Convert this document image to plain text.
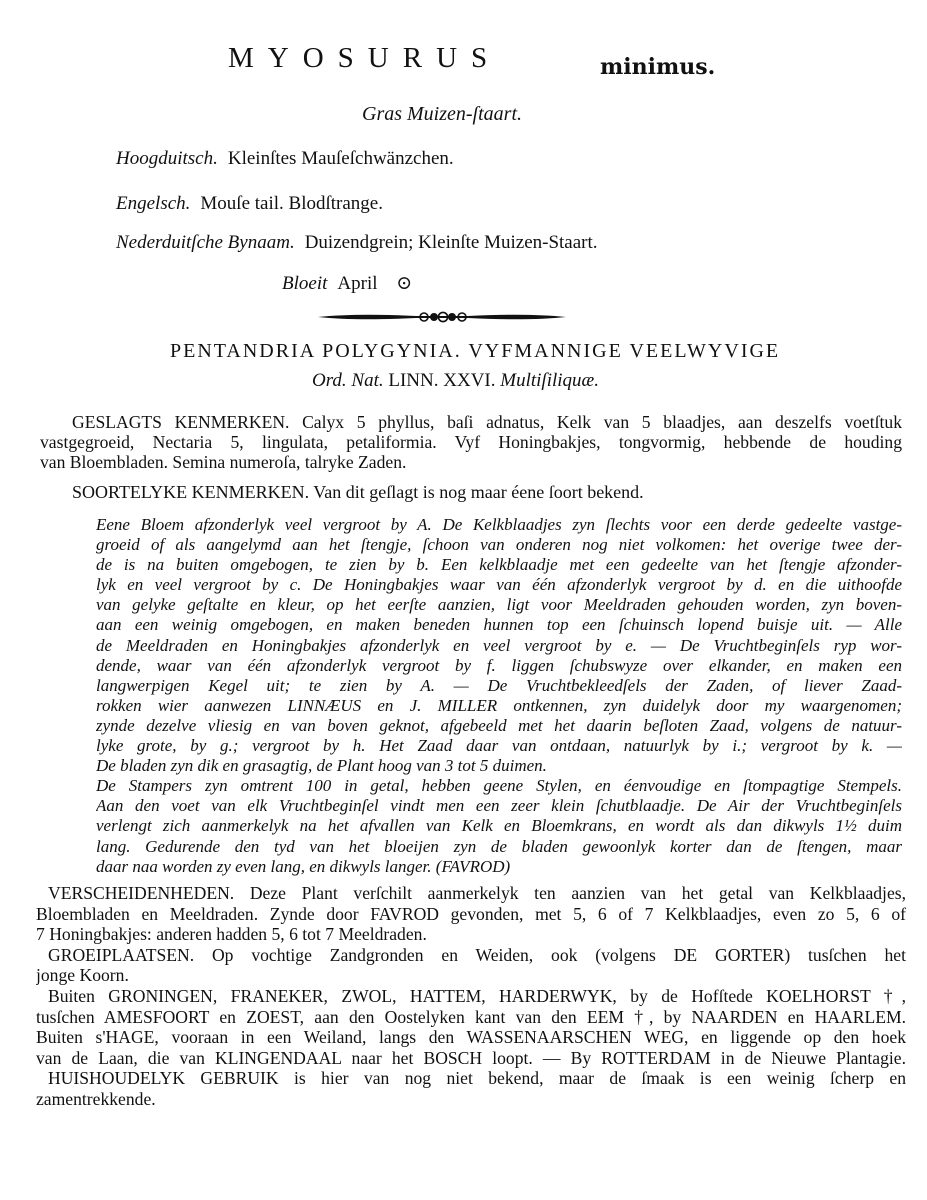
MYOSURUS	minimus.
Gras Muizen-ſtaart.
Hoogduitsch. Kleinſtes Mauſeſchwänzchen.
Engelsch. Mouſe tail. Blodſtrange.
Nederduitſche Bynaam. Duizendgrein; Kleinſte Muizen-Staart.
Bloeit April ⊙
PENTANDRIA POLYGYNIA. VYFMANNIGE VEELWYVIGE
Ord. Nat. LINN. XXVI. Multiſiliquæ.
GESLAGTS KENMERKEN. Calyx 5 phyllus, baſi adnatus, Kelk van 5 blaadjes, aan deszelfs voetſtuk
vastgegroeid, Nectaria 5, lingulata, petaliformia. Vyf Honingbakjes, tongvormig, hebbende de houding
van Bloembladen. Semina numeroſa, talryke Zaden.
SOORTELYKE KENMERKEN. Van dit geſlagt is nog maar éene ſoort bekend.
Eene Bloem afzonderlyk veel vergroot by A. De Kelkblaadjes zyn ſlechts voor een derde gedeelte vastge-
groeid of als aangelymd aan het ſtengje, ſchoon van onderen nog niet volkomen: het overige twee der-
de is na buiten omgebogen, te zien by b. Een kelkblaadje met een gedeelte van het ſtengje afzonder-
lyk en veel vergroot by c. De Honingbakjes waar van één afzonderlyk vergroot by d. en die uithoofde
van gelyke geſtalte en kleur, op het eerſte aanzien, ligt voor Meeldraden gehouden worden, zyn boven-
aan een weinig omgebogen, en maken beneden hunnen top een ſchuinsch lopend buisje uit. — Alle
de Meeldraden en Honingbakjes afzonderlyk en veel vergroot by e. — De Vruchtbeginſels ryp wor-
dende, waar van één afzonderlyk vergroot by f. liggen ſchubswyze over elkander, en maken een
langwerpigen Kegel uit; te zien by A. — De Vruchtbekleedſels der Zaden, of liever Zaad-
rokken wier aanwezen LINNÆUS en J. MILLER ontkennen, zyn duidelyk door my waargenomen;
zynde dezelve vliesig en van boven geknot, afgebeeld met het daarin beſloten Zaad, volgens de natuur-
lyke grote, by g.; vergroot by h. Het Zaad daar van ontdaan, natuurlyk by i.; vergroot by k. —
De bladen zyn dik en grasagtig, de Plant hoog van 3 tot 5 duimen.
De Stampers zyn omtrent 100 in getal, hebben geene Stylen, en éenvoudige en ſtompagtige Stempels.
Aan den voet van elk Vruchtbeginſel vindt men een zeer klein ſchutblaadje. De Air der Vruchtbeginſels
verlengt zich aanmerkelyk na het afvallen van Kelk en Bloemkrans, en wordt als dan dikwyls 1½ duim
lang. Gedurende den tyd van het bloeijen zyn de bladen gewoonlyk korter dan de ſtengen, maar
daar naa worden zy even lang, en dikwyls langer. (FAVROD)
VERSCHEIDENHEDEN. Deze Plant verſchilt aanmerkelyk ten aanzien van het getal van Kelkblaadjes,
Bloembladen en Meeldraden. Zynde door FAVROD gevonden, met 5, 6 of 7 Kelkblaadjes, even zo 5, 6 of
7 Honingbakjes: anderen hadden 5, 6 tot 7 Meeldraden.
GROEIPLAATSEN. Op vochtige Zandgronden en Weiden, ook (volgens DE GORTER) tusſchen het
jonge Koorn.
Buiten GRONINGEN, FRANEKER, ZWOL, HATTEM, HARDERWYK, by de Hofſtede KOELHORST †,
tusſchen AMESFOORT en ZOEST, aan den Oostelyken kant van den EEM †, by NAARDEN en HAARLEM.
Buiten s'HAGE, vooraan in een Weiland, langs den WASSENAARSCHEN WEG, en liggende op den hoek
van de Laan, die van KLINGENDAAL naar het BOSCH loopt. — By ROTTERDAM in de Nieuwe Plantagie.
HUISHOUDELYK GEBRUIK is hier van nog niet bekend, maar de ſmaak is een weinig ſcherp en
zamentrekkende.
